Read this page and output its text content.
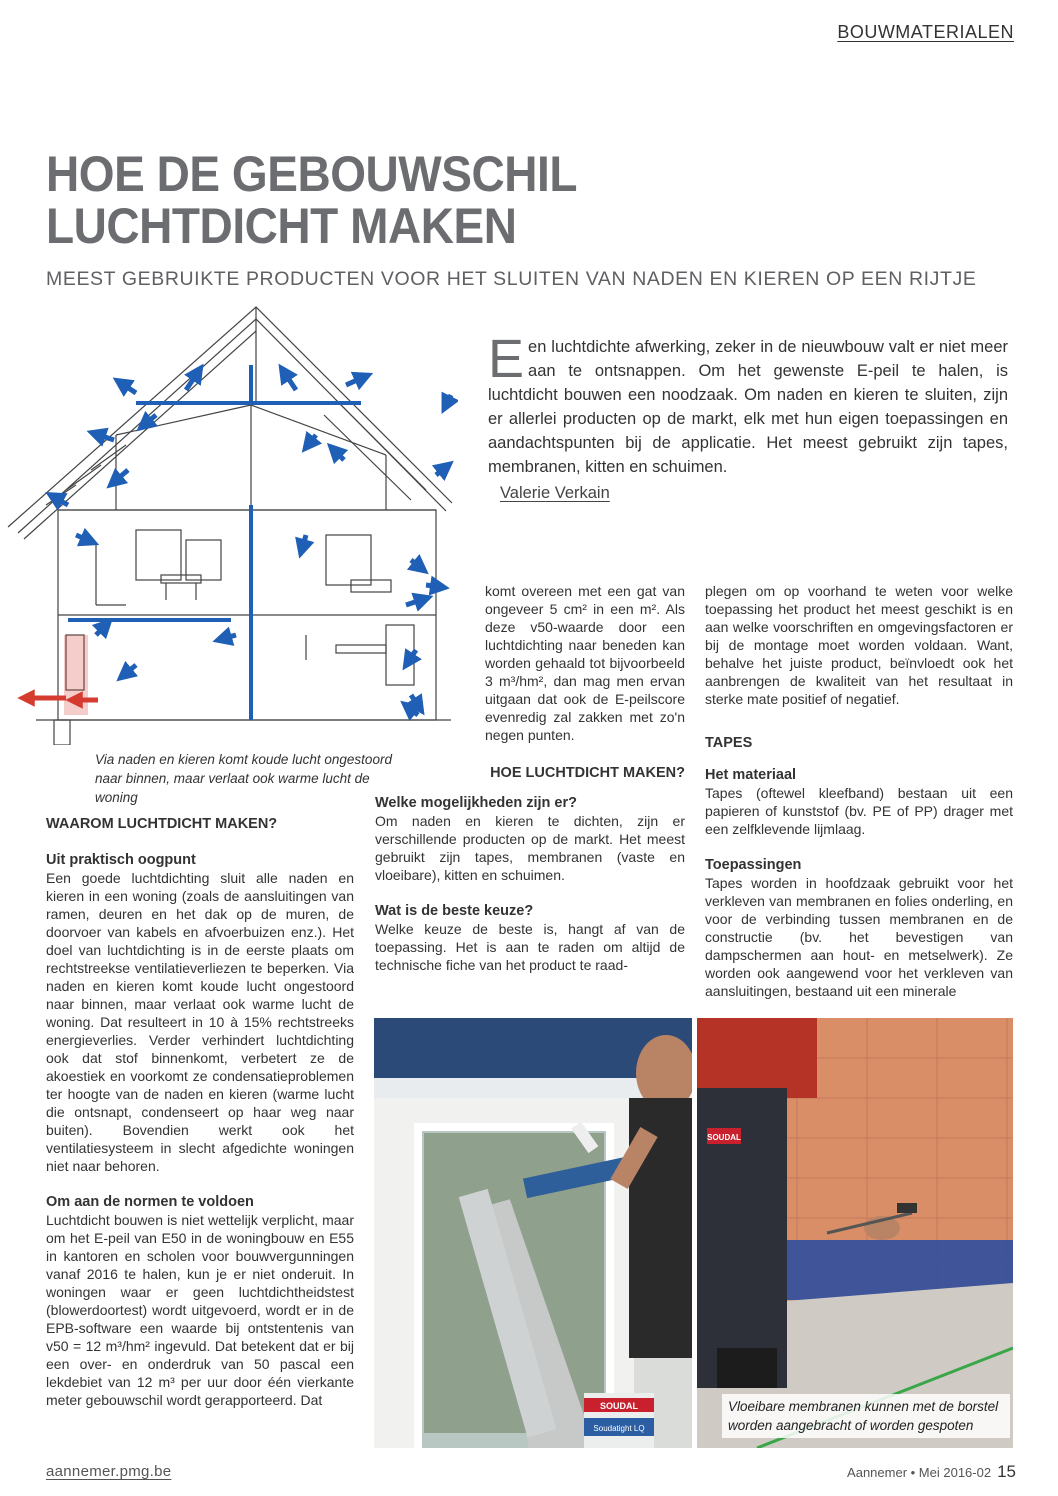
BOUWMATERIALEN
HOE DE GEBOUWSCHIL
LUCHTDICHT MAKEN
MEEST GEBRUIKTE PRODUCTEN VOOR HET SLUITEN VAN NADEN EN KIEREN OP EEN RIJTJE
Via naden en kieren komt koude lucht ongestoord naar binnen, maar verlaat ook warme lucht de woning
Een luchtdichte afwerking, zeker in de nieuwbouw valt er niet meer aan te ontsnappen. Om het gewenste E-peil te halen, is luchtdicht bouwen een noodzaak. Om naden en kieren te sluiten, zijn er allerlei producten op de markt, elk met hun eigen toepassingen en aandachtspunten bij de applicatie. Het meest gebruikt zijn tapes, membranen, kitten en schuimen.
Valerie Verkain
WAAROM LUCHTDICHT MAKEN?
Uit praktisch oogpunt

Een goede luchtdichting sluit alle naden en kieren in een woning (zoals de aansluitingen van ramen, deuren en het dak op de muren, de doorvoer van kabels en afvoerbuizen enz.). Het doel van luchtdichting is in de eerste plaats om rechtstreekse ventilatieverliezen te beperken. Via naden en kieren komt koude lucht ongestoord naar binnen, maar verlaat ook warme lucht de woning. Dat resulteert in 10 à 15% rechtstreeks energieverlies. Verder verhindert luchtdichting ook dat stof binnenkomt, verbetert ze de akoestiek en voorkomt ze condensatieproblemen ter hoogte van de naden en kieren (warme lucht die ontsnapt, condenseert op haar weg naar buiten). Bovendien werkt ook het ventilatiesysteem in slecht afgedichte woningen niet naar behoren.

Om aan de normen te voldoen

Luchtdicht bouwen is niet wettelijk verplicht, maar om het E-peil van E50 in de woningbouw en E55 in kantoren en scholen voor bouwvergunningen vanaf 2016 te halen, kun je er niet onderuit. In woningen waar er geen luchtdichtheidstest (blowerdoortest) wordt uitgevoerd, wordt er in de EPB-software een waarde bij ontstentenis van v50 = 12 m³/hm² ingevuld. Dat betekent dat er bij een over- en onderdruk van 50 pascal een lekdebiet van 12 m³ per uur door één vierkante meter gebouwschil wordt gerapporteerd. Dat

komt overeen met een gat van ongeveer 5 cm² in een m². Als deze v50-waarde door een luchtdichting naar beneden kan worden gehaald tot bijvoorbeeld 3 m³/hm², dan mag men ervan uitgaan dat ook de E-peilscore evenredig zal zakken met zo'n negen punten.

HOE LUCHTDICHT MAKEN?
Welke mogelijkheden zijn er?

Om naden en kieren te dichten, zijn er verschillende producten op de markt. Het meest gebruikt zijn tapes, membranen (vaste en vloeibare), kitten en schuimen.

Wat is de beste keuze?

Welke keuze de beste is, hangt af van de toepassing. Het is aan te raden om altijd de technische fiche van het product te raad-

plegen om op voorhand te weten voor welke toepassing het product het meest geschikt is en aan welke voorschriften en omgevingsfactoren er bij de montage moet worden voldaan. Want, behalve het juiste product, beïnvloedt ook het aanbrengen de kwaliteit van het resultaat in sterke mate positief of negatief.

TAPES
Het materiaal

Tapes (oftewel kleefband) bestaan uit een papieren of kunststof (bv. PE of PP) drager met een zelfklevende lijmlaag.

Toepassingen

Tapes worden in hoofdzaak gebruikt voor het verkleven van membranen en folies onderling, en voor de verbinding tussen membranen en de constructie (bv. het bevestigen van dampschermen aan hout- en metselwerk). Ze worden ook aangewend voor het verkleven van aansluitingen, bestaand uit een minerale

SOUDAL
Soudatight LQ
SOUDAL
Vloeibare membranen kunnen met de borstel worden aangebracht of worden gespoten
aannemer.pmg.be	Aannemer • Mei 2016-02 15
